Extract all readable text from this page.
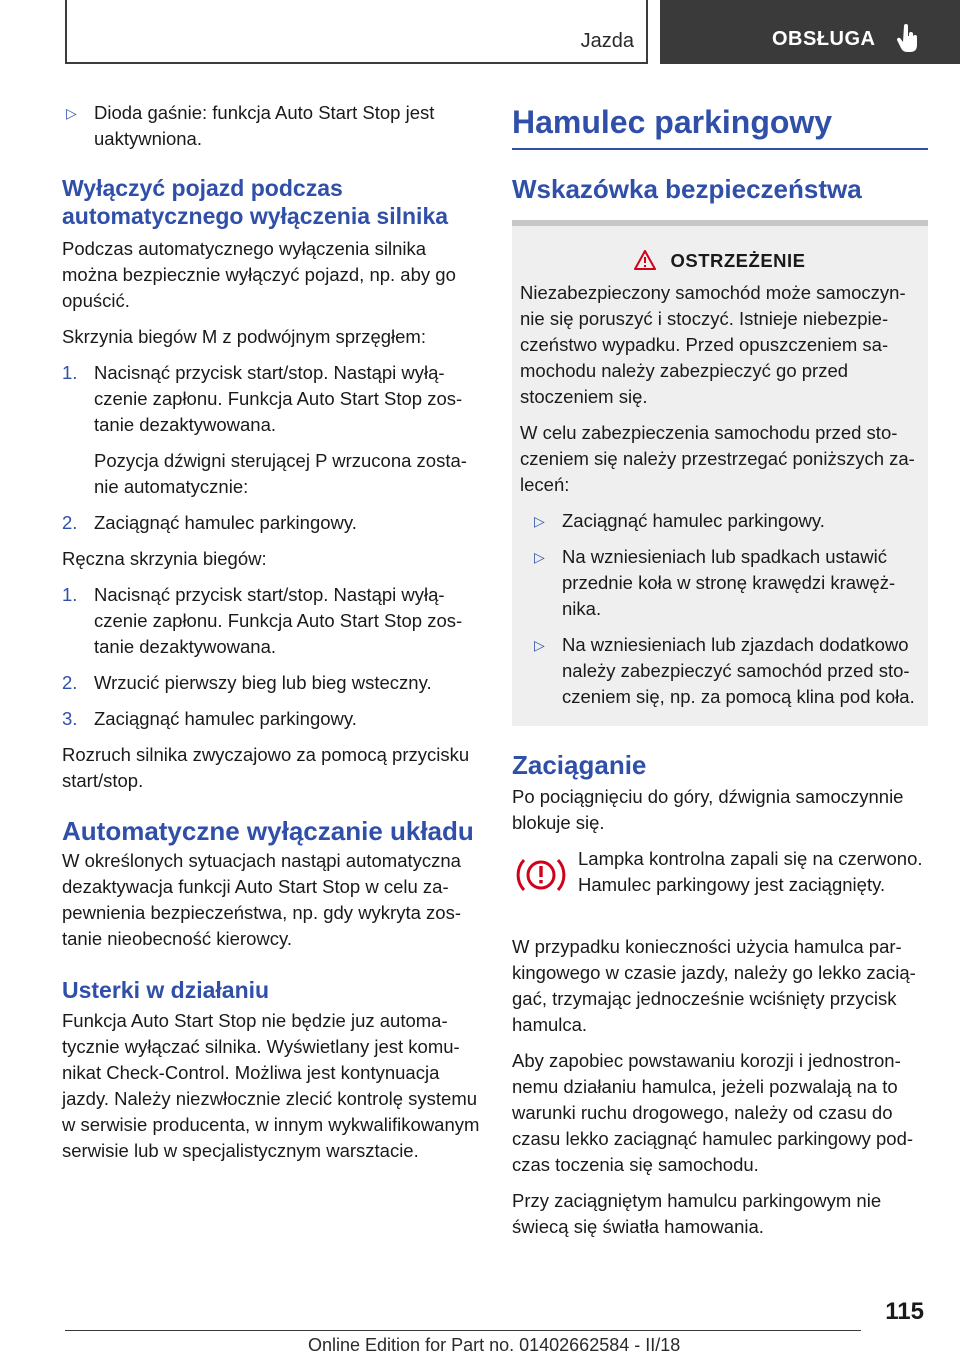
Jazda	OBSŁUGA
▷ Dioda gaśnie: funkcja Auto Start Stop jest uaktywniona.

Wyłączyć pojazd podczas automatycznego wyłączenia silnika

Podczas automatycznego wyłączenia silnika można bezpiecznie wyłączyć pojazd, np. aby go opuścić.

Skrzynia biegów M z podwójnym sprzęgłem:

1. Nacisnąć przycisk start/stop. Nastąpi wyłączenie zapłonu. Funkcja Auto Start Stop zostanie dezaktywowana.

Pozycja dźwigni sterującej P wrzucona zostanie automatycznie:

2. Zaciągnąć hamulec parkingowy.

Ręczna skrzynia biegów:

1. Nacisnąć przycisk start/stop. Nastąpi wyłączenie zapłonu. Funkcja Auto Start Stop zostanie dezaktywowana.

2. Wrzucić pierwszy bieg lub bieg wsteczny.

3. Zaciągnąć hamulec parkingowy.

Rozruch silnika zwyczajowo za pomocą przycisku start/stop.

Automatyczne wyłączanie układu

W określonych sytuacjach nastąpi automatyczna dezaktywacja funkcji Auto Start Stop w celu zapewnienia bezpieczeństwa, np. gdy wykryta zostanie nieobecność kierowcy.

Usterki w działaniu

Funkcja Auto Start Stop nie będzie juz automatycznie wyłączać silnika. Wyświetlany jest komunikat Check-Control. Możliwa jest kontynuacja jazdy. Należy niezwłocznie zlecić kontrolę systemu w serwisie producenta, w innym wykwalifikowanym serwisie lub w specjalistycznym warsztacie.

Hamulec parkingowy
Wskazówka bezpieczeństwa
OSTRZEŻENIE

Niezabezpieczony samochód może samoczynnie się poruszyć i stoczyć. Istnieje niebezpieczeństwo wypadku. Przed opuszczeniem samochodu należy zabezpieczyć go przed stoczeniem się.

W celu zabezpieczenia samochodu przed stoczeniem się należy przestrzegać poniższych zaleceń:

▷ Zaciągnąć hamulec parkingowy.

▷ Na wzniesieniach lub spadkach ustawić przednie koła w stronę krawędzi krawężnika.

▷ Na wzniesieniach lub zjazdach dodatkowo należy zabezpieczyć samochód przed stoczeniem się, np. za pomocą klina pod koła.

Zaciąganie

Po pociągnięciu do góry, dźwignia samoczynnie blokuje się.

Lampka kontrolna zapali się na czerwono. Hamulec parkingowy jest zaciągnięty.

W przypadku konieczności użycia hamulca parkingowego w czasie jazdy, należy go lekko zaciągać, trzymając jednocześnie wciśnięty przycisk hamulca.

Aby zapobiec powstawaniu korozji i jednostronnemu działaniu hamulca, jeżeli pozwalają na to warunki ruchu drogowego, należy od czasu do czasu lekko zaciągnąć hamulec parkingowy podczas toczenia się samochodu.

Przy zaciągniętym hamulcu parkingowym nie świecą się światła hamowania.

115
Online Edition for Part no. 01402662584 - II/18
